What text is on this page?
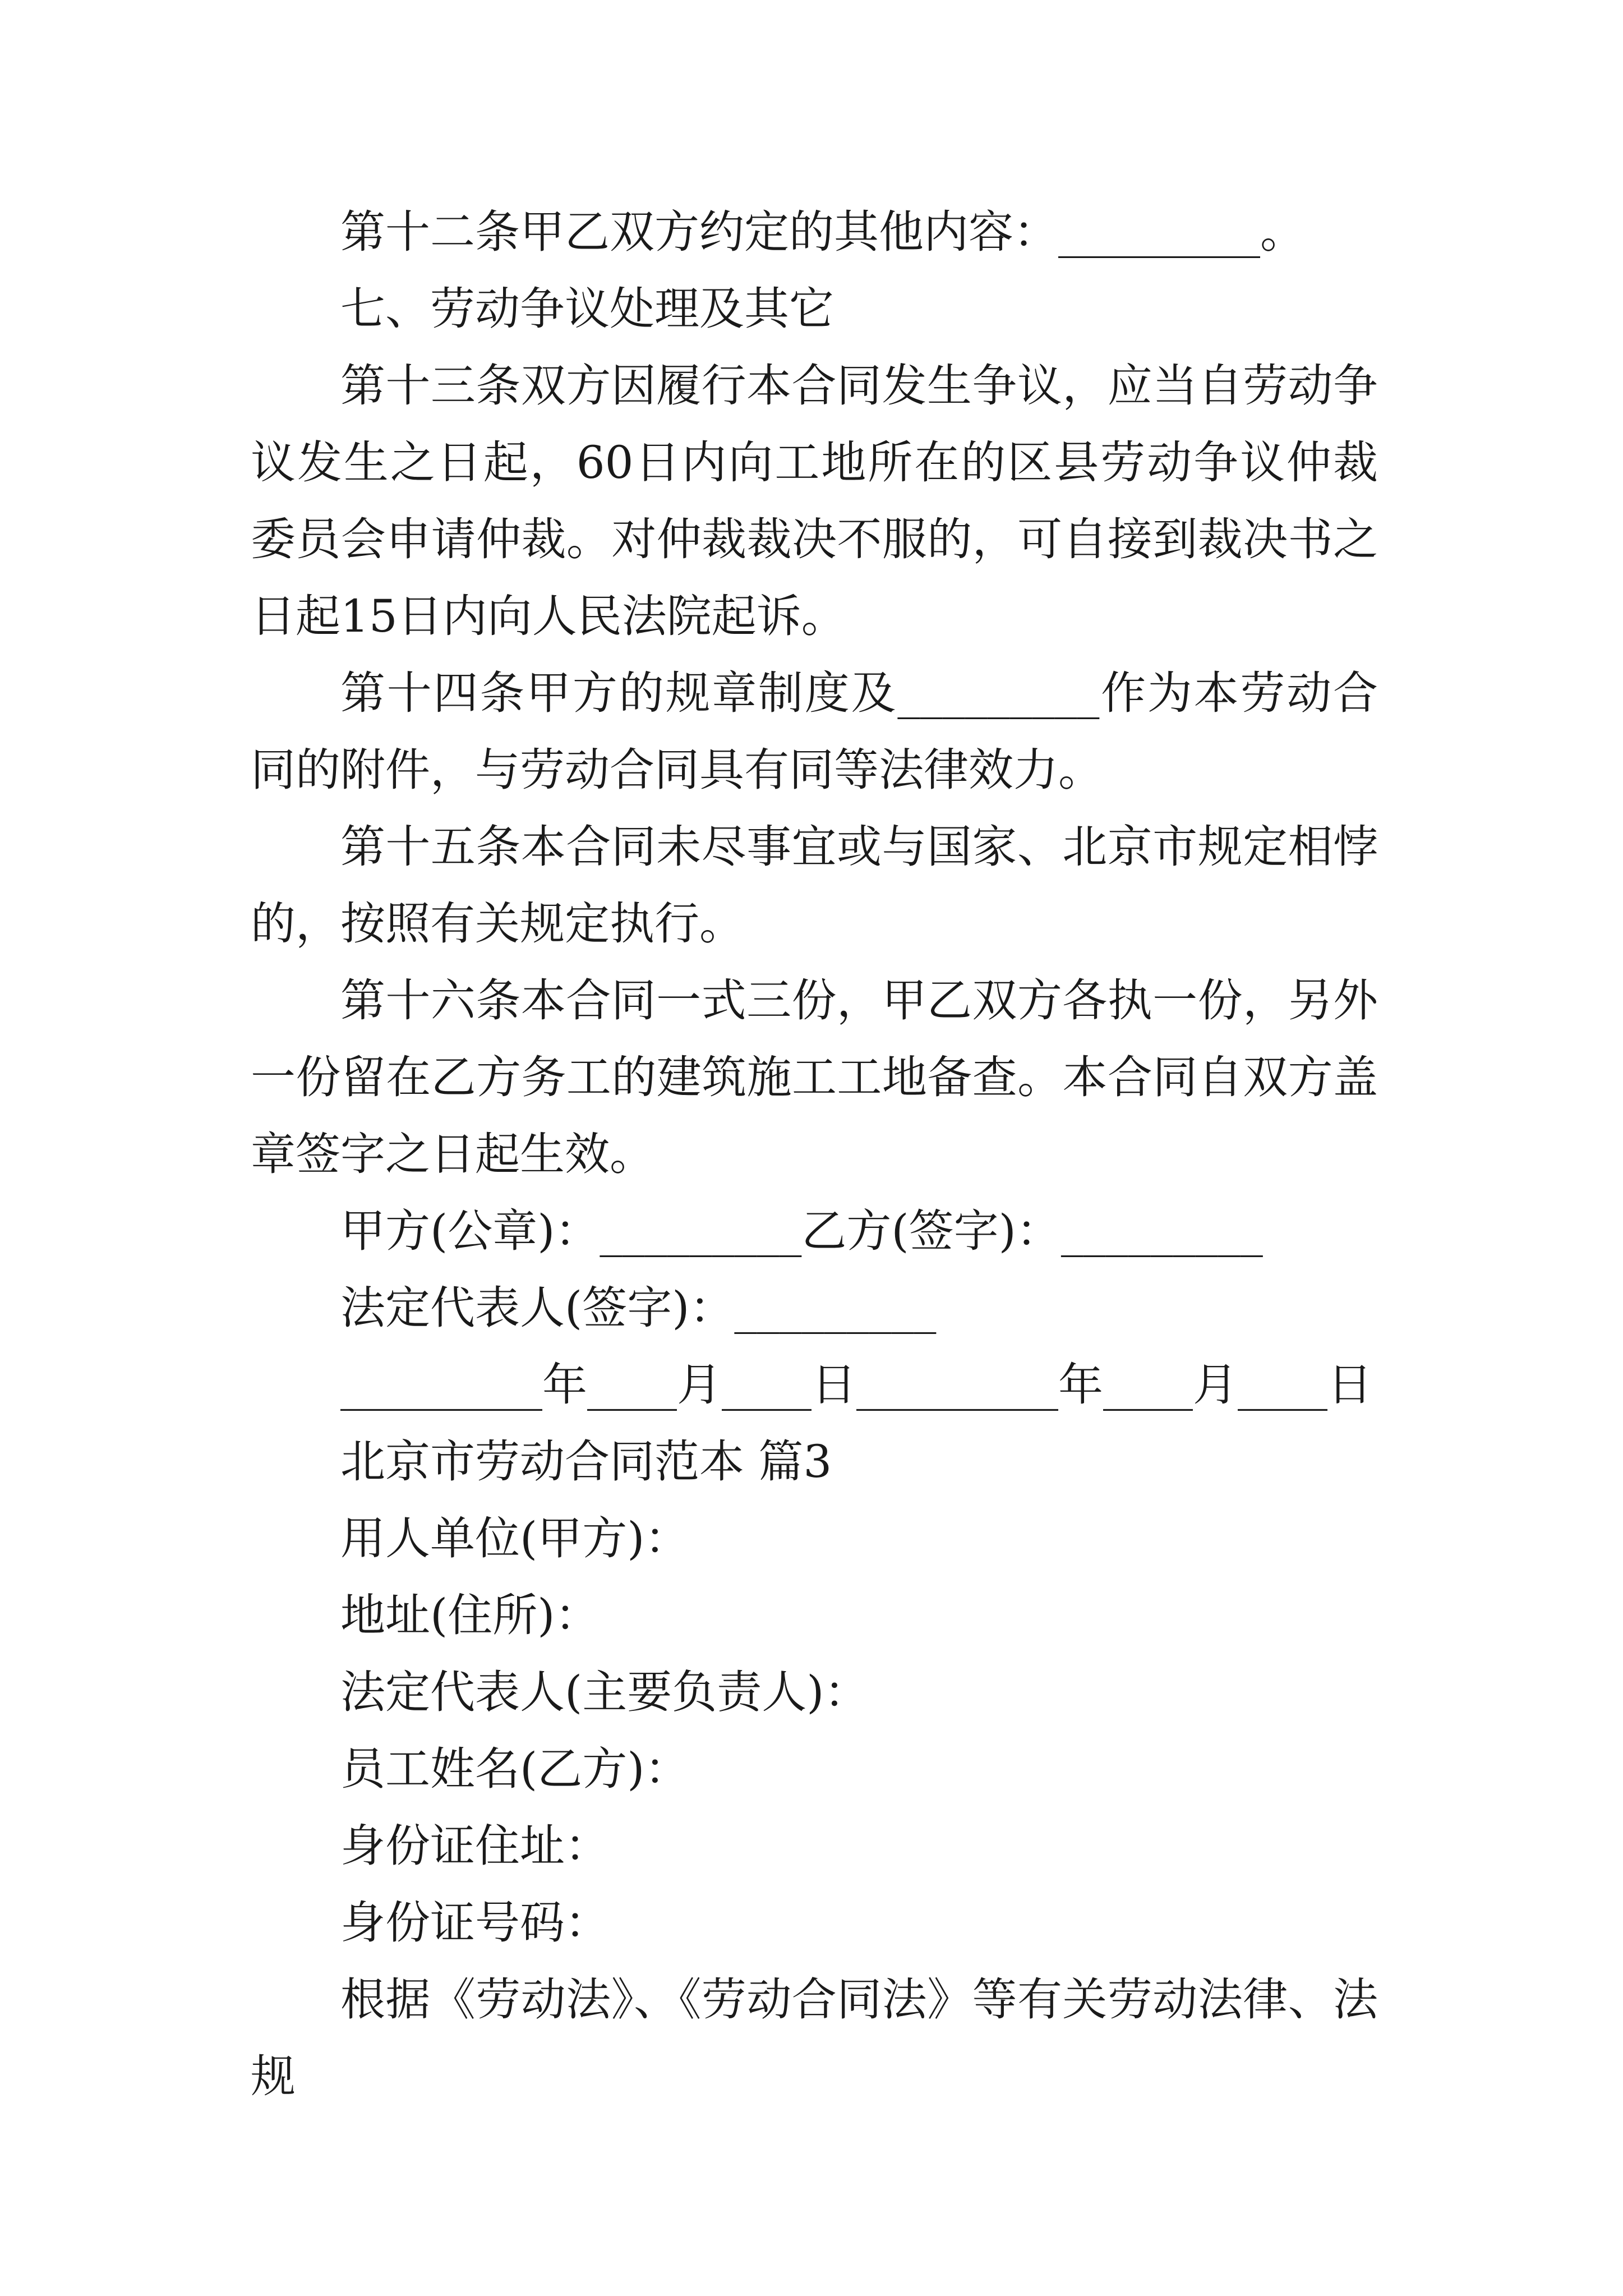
第十二条甲乙双方约定的其他内容：_________。

七、劳动争议处理及其它

第十三条双方因履行本合同发生争议，应当自劳动争议发生之日起，60日内向工地所在的区县劳动争议仲裁委员会申请仲裁。对仲裁裁决不服的，可自接到裁决书之日起15日内向人民法院起诉。

第十四条甲方的规章制度及_________作为本劳动合同的附件，与劳动合同具有同等法律效力。

第十五条本合同未尽事宜或与国家、北京市规定相悖的，按照有关规定执行。

第十六条本合同一式三份，甲乙双方各执一份，另外一份留在乙方务工的建筑施工工地备查。本合同自双方盖章签字之日起生效。

甲方(公章)：_________乙方(签字)：_________

法定代表人(签字)：_________

_________年____月____日_________年____月____日

北京市劳动合同范本 篇3

用人单位(甲方)：

地址(住所)：

法定代表人(主要负责人)：

员工姓名(乙方)：

身份证住址：

身份证号码：

根据《劳动法》、《劳动合同法》等有关劳动法律、法规
